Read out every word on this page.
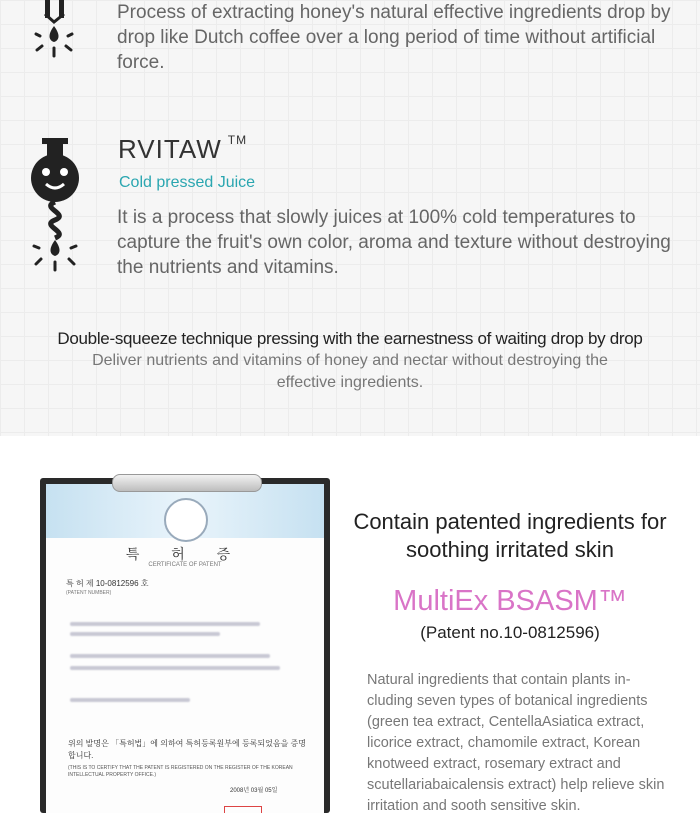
Process of extracting honey's natural effective ingredients drop by drop like Dutch coffee over a long period of time without artificial force.
RVITAW ™
Cold pressed Juice
It is a process that slowly juices at 100% cold temperatures to capture the fruit's own color, aroma and texture without destroying the nutrients and vitamins.
Double-squeeze technique pressing with the earnestness of waiting drop by drop
Deliver nutrients and vitamins of honey and nectar without destroying the effective ingredients.
특 허 증
CERTIFICATE OF PATENT
특 허 제 10-0812596 호
(PATENT NUMBER)
위의 발명은 「특허법」에 의하여 특허등록원부에 등록되었음을 증명합니다.
(THIS IS TO CERTIFY THAT THE PATENT IS REGISTERED ON THE REGISTER OF THE KOREAN INTELLECTUAL PROPERTY OFFICE.)
2008년 03월 05일
Contain patented ingredients for soothing irritated skin
MultiEx BSASM™
(Patent no.10-0812596)
Natural ingredients that contain plants in-cluding seven types of botanical ingredients (green tea extract, CentellaAsiatica extract, licorice extract, chamomile extract, Korean knotweed extract, rosemary extract and scutellariabaicalensis extract) help relieve skin irritation and sooth sensitive skin.
